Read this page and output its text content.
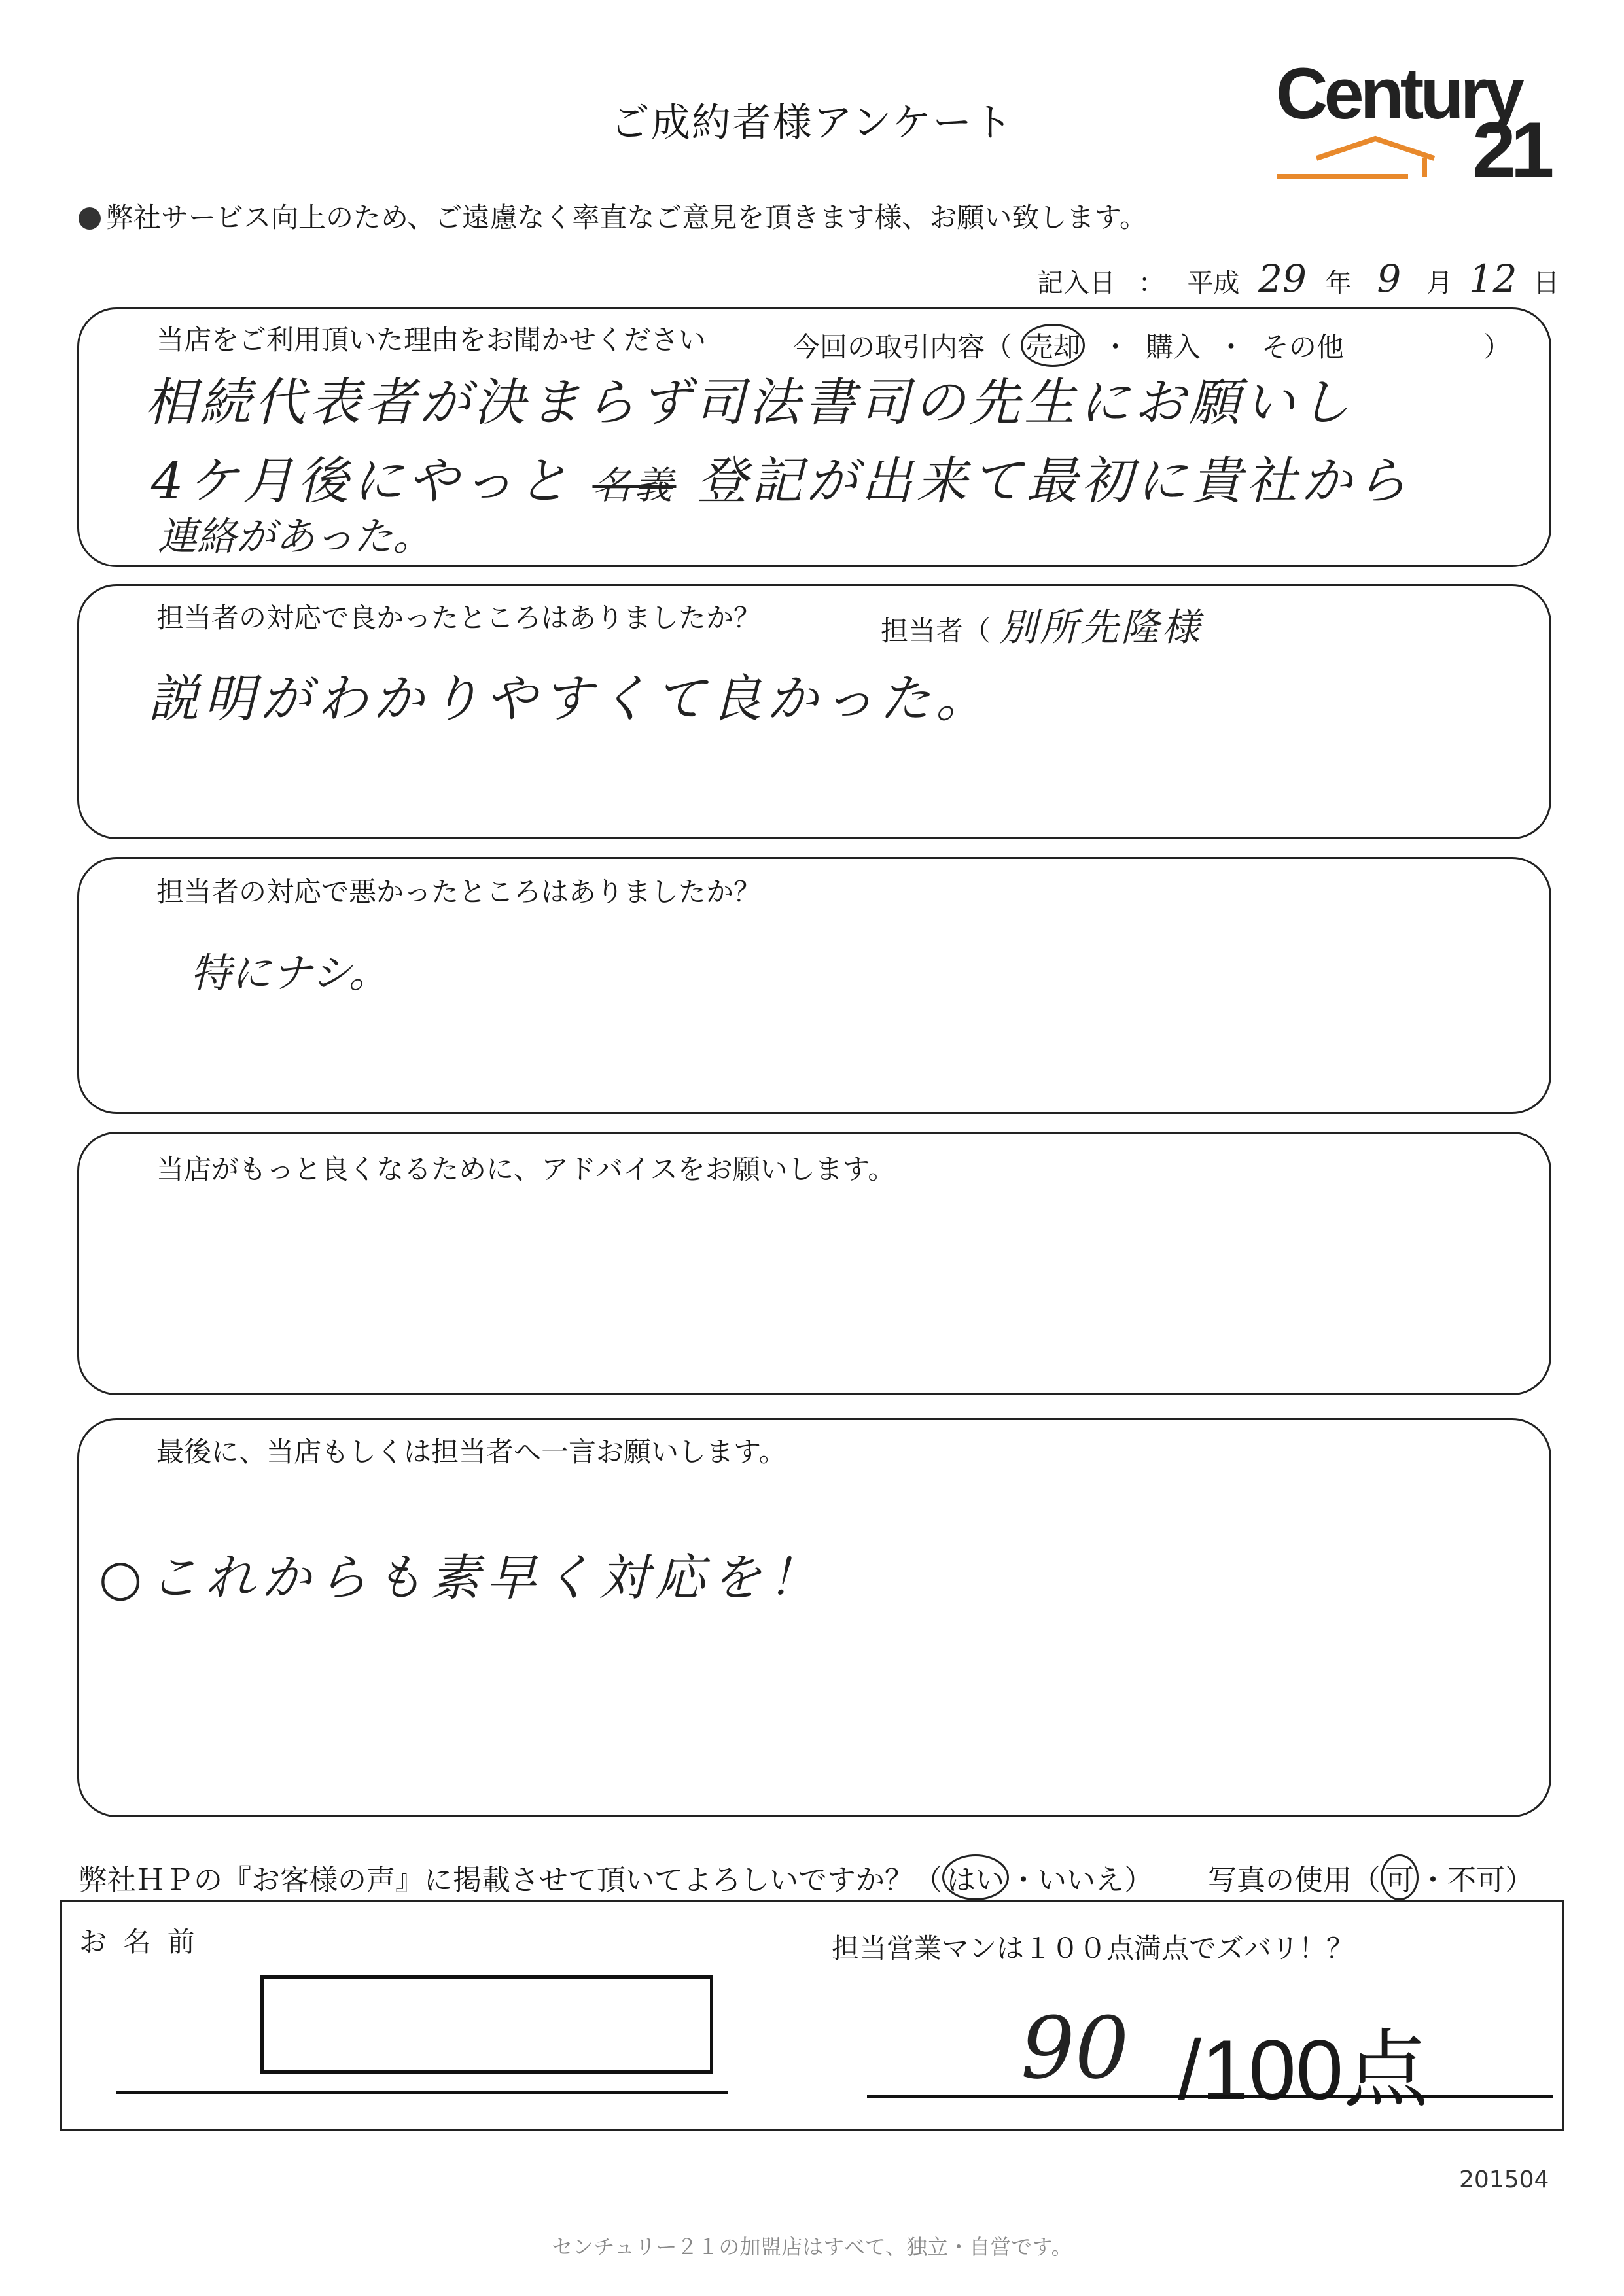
ご成約者様アンケート	Century
21
弊社サービス向上のため、ご遠慮なく率直なご意見を頂きます様、お願い致します。
記入日 ： 平成 29 年 9 月 12 日
当店をご利用頂いた理由をお聞かせください	今回の取引内容（ 売却 ・ 購入 ・ その他	）
相続代表者が決まらず司法書司の先生にお願いし
4ケ月後にやっと 名義 登記が出来て最初に貴社から
連絡があった。
担当者の対応で良かったところはありましたか？	担当者（ 別所先隆様
説明がわかりやすくて良かった。
担当者の対応で悪かったところはありましたか？
特にナシ。
当店がもっと良くなるために、アドバイスをお願いします。
最後に、当店もしくは担当者へ一言お願いします。
○これからも素早く対応を！
弊社ＨＰの『お客様の声』に掲載させて頂いてよろしいですか？（ はい ・いいえ） 写真の使用（ 可 ・不可）
お 名 前	担当営業マンは１００点満点でズバリ！？
90 /100点
201504
センチュリー２１の加盟店はすべて、独立・自営です。
